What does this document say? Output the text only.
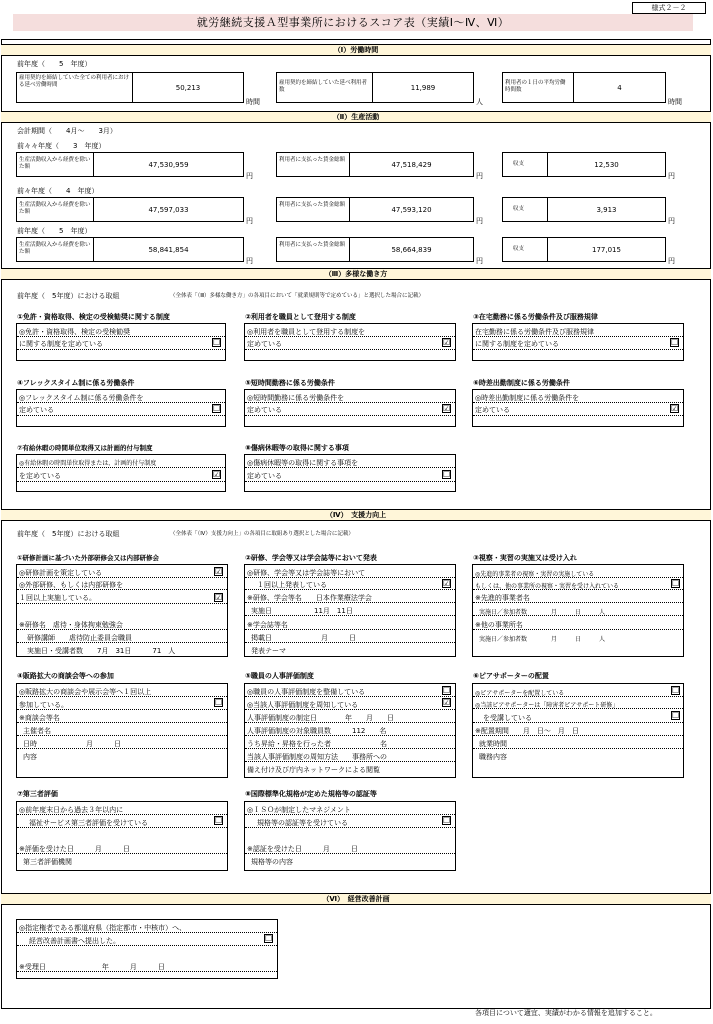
様式２－２
就労継続支援Ａ型事業所におけるスコア表（実績Ⅰ～Ⅳ、Ⅵ）
（Ⅰ）労働時間
前年度（　　5　年度）
雇用契約を締結していた全ての利用者における延べ労働時間	50,213
時間
雇用契約を締結していた延べ利用者数	11,989
人
利用者の１日の平均労働時間数	4
時間
（Ⅱ）生産活動
会計期間（　　4月～　　3月）
前々々年度（　　3　年度）
生産活動収入から経費を除いた額	47,530,959
円
利用者に支払った賃金総額
47,518,429
円
収支	12,530
円
前々年度（　　4　年度）
生産活動収入から経費を除いた額	47,597,033
円
利用者に支払った賃金総額
47,593,120
円
収支	3,913
円
前年度（　　5　年度）
生産活動収入から経費を除いた額	58,841,854
円
利用者に支払った賃金総額
58,664,839
円
収支	177,015
円
（Ⅲ）多様な働き方
前年度（　5年度）における取組	（全体表「（Ⅲ）多様な働き方」の各項目において「就業規則等で定めている」と選択した場合に記載）
①免許・資格取得、検定の受検勧奨に関する制度
◎免許・資格取得、検定の受検勧奨
に関する制度を定めている	☐
②利用者を職員として登用する制度
◎利用者を職員として登用する制度を
定めている	☑
③在宅勤務に係る労働条件及び服務規律
在宅勤務に係る労働条件及び服務規律
に関する制度を定めている	☐
④フレックスタイム制に係る労働条件
◎フレックスタイム制に係る労働条件を
定めている	☐
⑤短時間勤務に係る労働条件
◎短時間勤務に係る労働条件を
定めている	☑
⑥時差出勤制度に係る労働条件
◎時差出勤制度に係る労働条件を
定めている	☑
⑦有給休暇の時間単位取得又は計画的付与制度
◎有給休暇の時間単位取得または、計画的付与制度
を定めている	☑
⑧傷病休暇等の取得に関する事項
◎傷病休暇等の取得に関する事項を
定めている	☐
（Ⅳ）　支援力向上
前年度（　5年度）における取組	（全体表「（Ⅳ）支援力向上」の各項目に取組あり選択とした場合に記載）
①研修計画に基づいた外部研修会又は内部研修会
◎研修計画を策定している	☑
◎外部研修、もしくは内部研修を
１回以上実施している。	☑
※研修名　虐待・身体拘束勉強会
研修講師　　虐待防止委員会職員
実施日・受講者数　　7月　31日　　　71　人
②研修、学会等又は学会誌等において発表
◎研修、学会等又は学会誌等において
１回以上発表している	☑
※研修、学会等名　　日本作業療法学会
実施日　　　　　　11月　11日
※学会誌等名
掲載日　　　　　　　月　　　日
発表テーマ
③視察・実習の実施又は受け入れ
◎先進的事業者の視察・実習の実施している
もしくは、他の事業所の視察・実習を受け入れている	☐
※先進的事業者名
実施日／参加者数　　　　月　　　日　　　人
※他の事業所名
実施日／参加者数　　　　月　　　日　　　人
④販路拡大の商談会等への参加
◎販路拡大の商談会や展示会等へ１回以上
参加している。	☐
※商談会等名
主催者名
日時　　　　　　　月　　　日
内容
⑤職員の人事評価制度
◎職員の人事評価制度を整備している	☐
◎当該人事評価制度を周知している	☑
人事評価制度の制定日　　　　年　　月　　日
人事評価制度の対象職員数　　　112　　名
うち昇給・昇格を行った者　　　　　　　名
当該人事評価制度の周知方法　　事務所への
備え付け及び庁内ネットワークによる閲覧
⑥ピアサポーターの配置
◎ピアサポーターを配置している	☐
◎当該ピアサポーターは「障害者ピアサポート研修」
を受講している	☐
※配置期間　　月　日～　月　日
就業時間
職務内容
⑦第三者評価
◎前年度末日から過去３年以内に
福祉サービス第三者評価を受けている	☐
※評価を受けた日　　　月　　　日
第三者評価機関
⑧国際標準化規格が定めた規格等の認証等
◎ＩＳＯが制定したマネジメント
規格等の認証等を受けている	☐
※認証を受けた日　　　月　　　日
規格等の内容
（Ⅵ）　経営改善計画
◎指定権者である都道府県（指定都市・中核市）へ、
経営改善計画書へ提出した。	☐
※受理日　　　　　　　　年　　　月　　　日
各項目について適宜、実績がわかる情報を追加すること。
